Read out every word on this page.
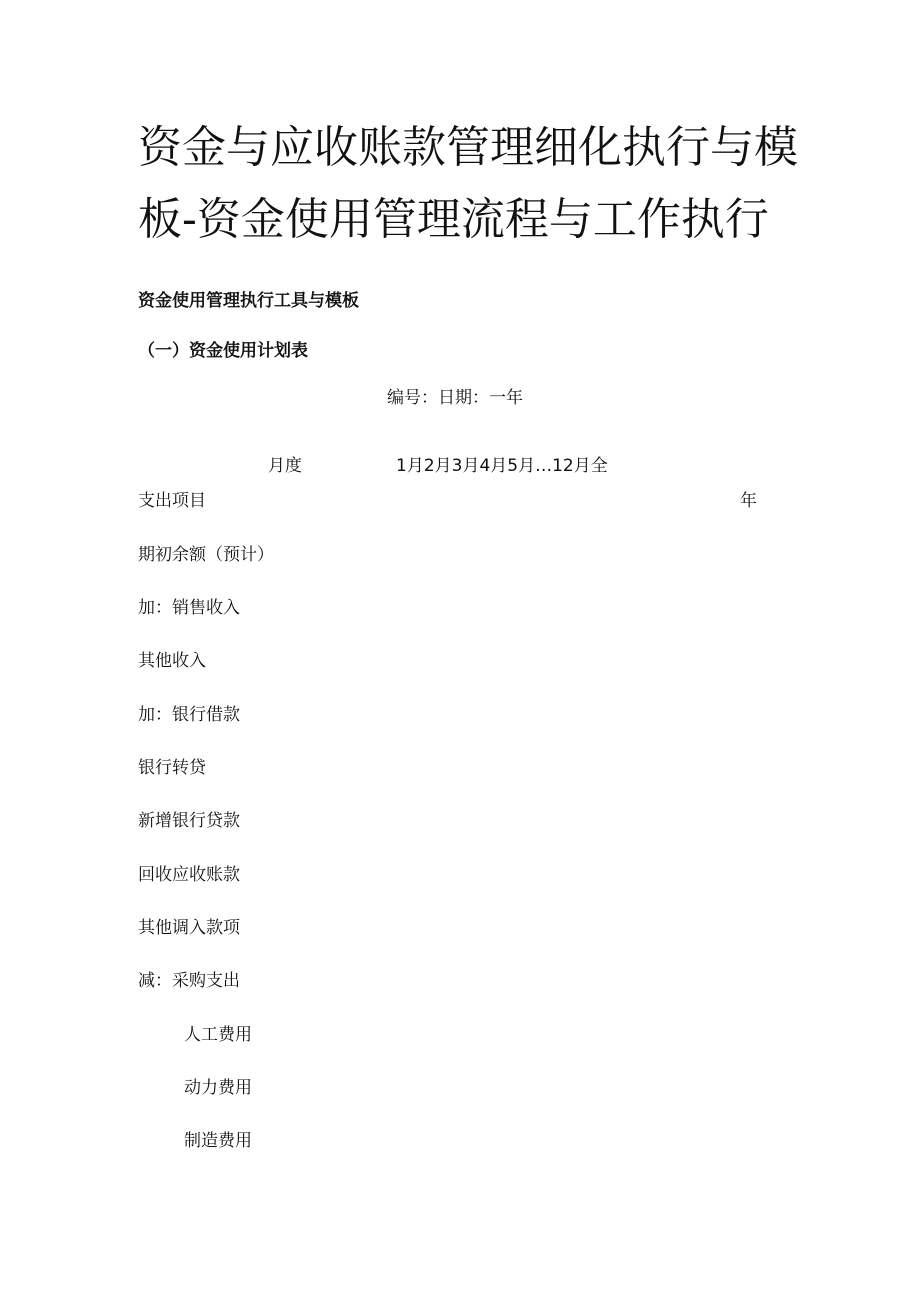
资金与应收账款管理细化执行与模
板-资金使用管理流程与工作执行
资金使用管理执行工具与模板
（一）资金使用计划表
编号：日期：一年
月度	1月2月3月4月5月…12月全
支出项目	年
期初余额（预计）
加：销售收入
其他收入
加：银行借款
银行转贷
新增银行贷款
回收应收账款
其他调入款项
减：采购支出
人工费用
动力费用
制造费用
